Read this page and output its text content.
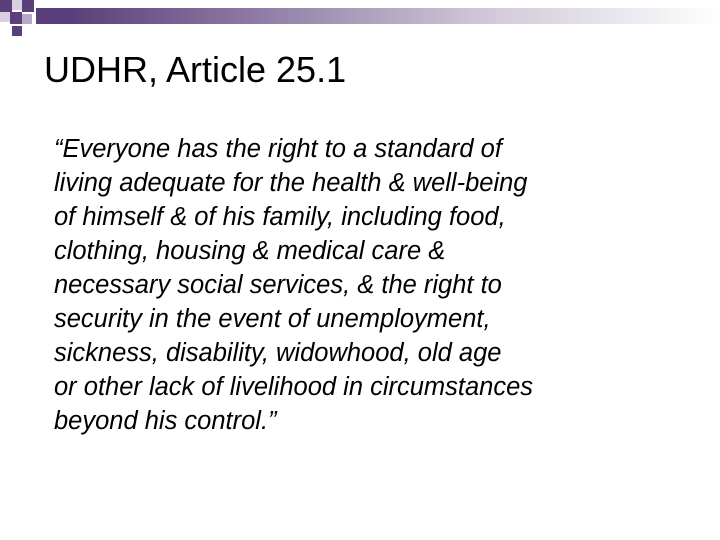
UDHR, Article 25.1
“Everyone has the right to a standard of
living adequate for the health & well-being
of himself & of his family, including food,
clothing, housing & medical care &
necessary social services, & the right to
security in the event of unemployment,
sickness, disability, widowhood, old age
or other lack of livelihood in circumstances
beyond his control.”
